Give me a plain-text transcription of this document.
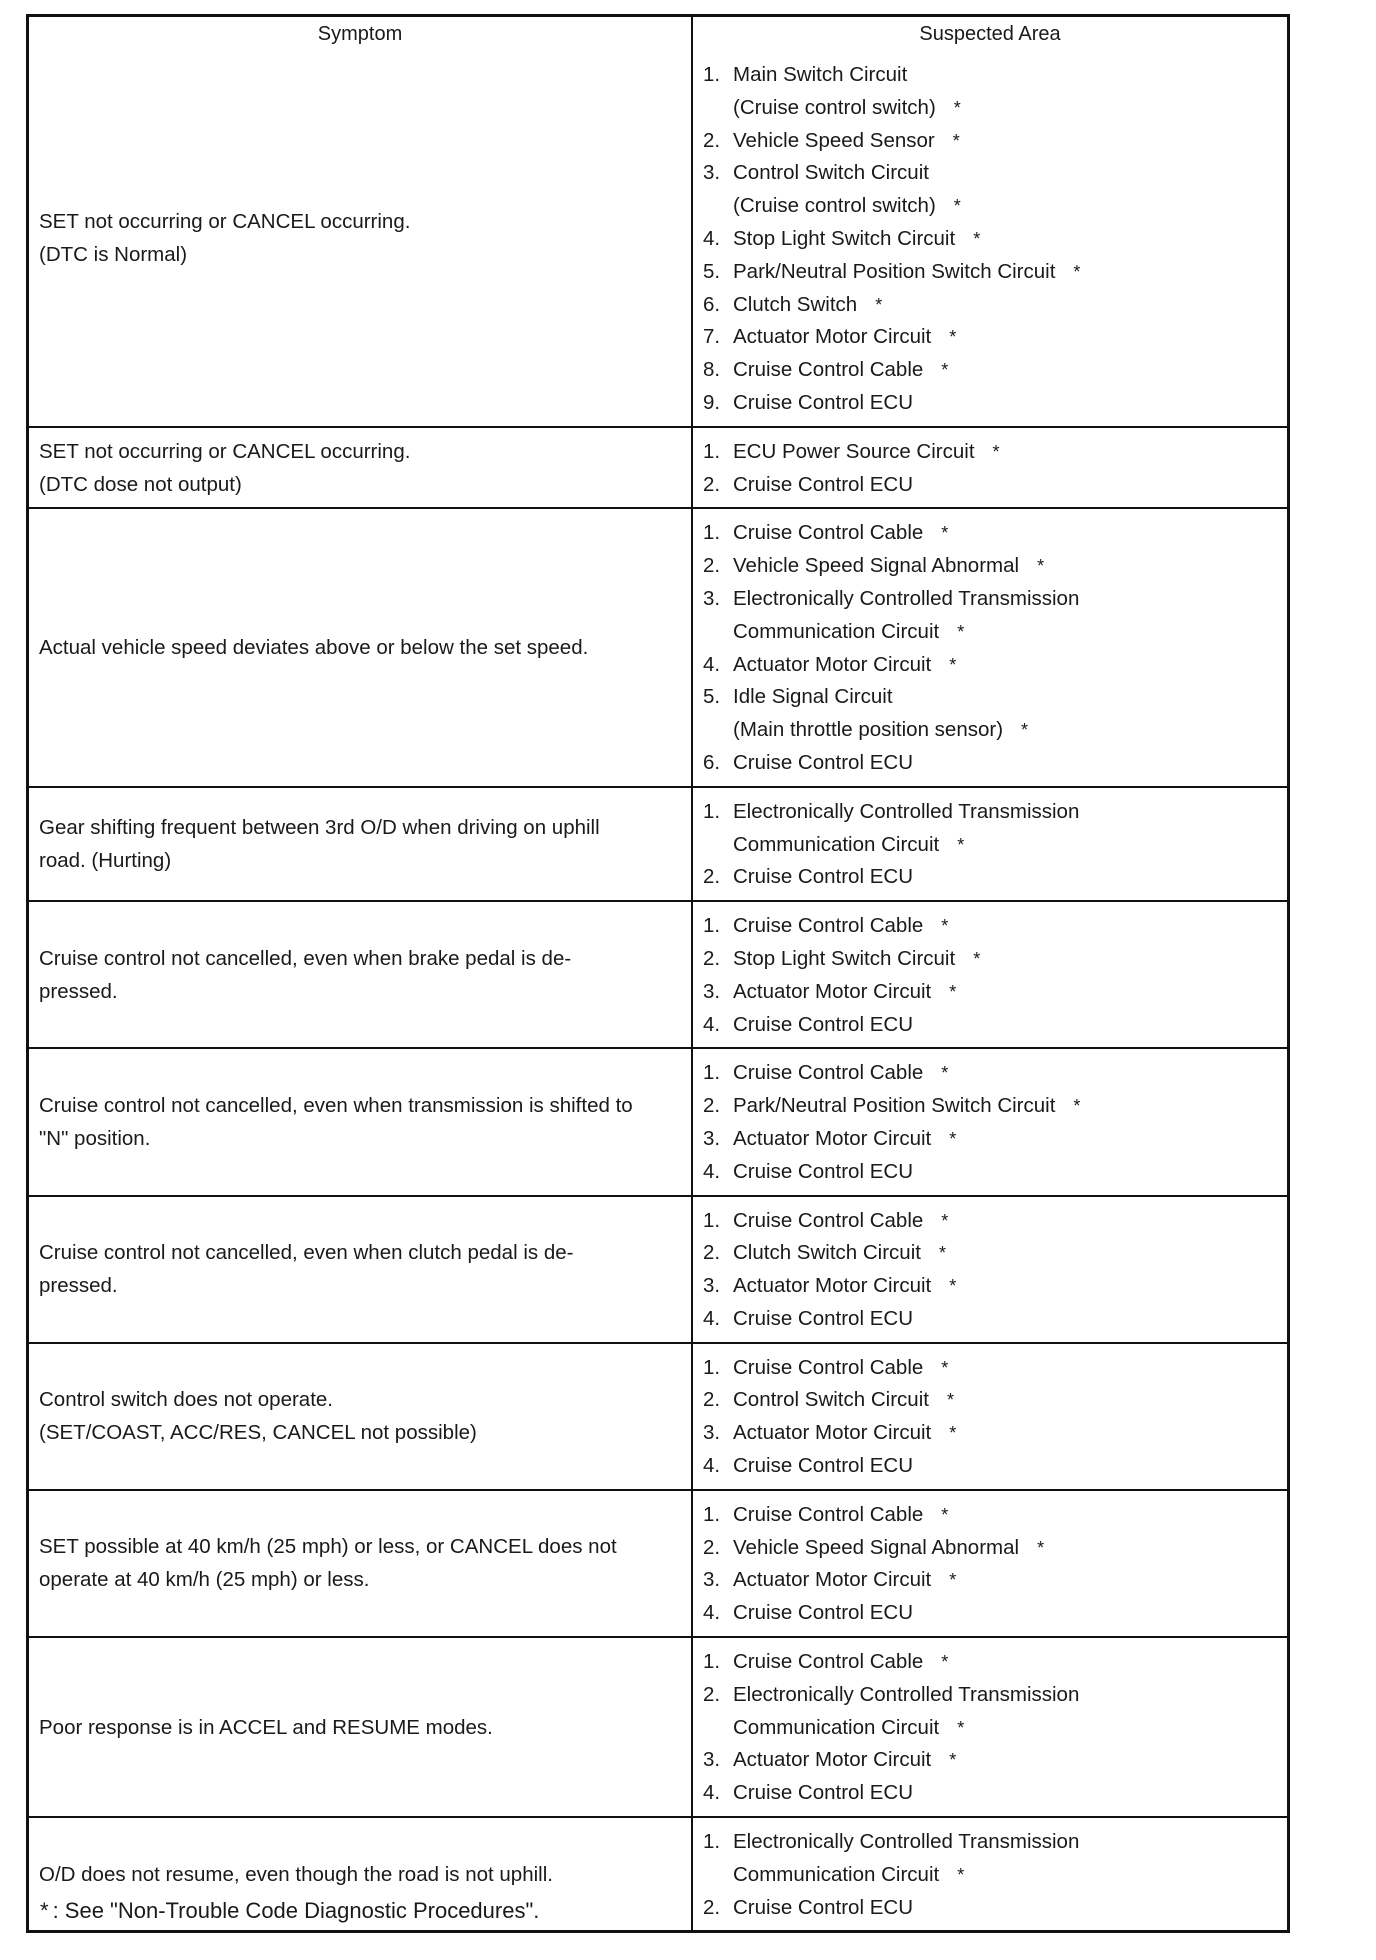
Symptom	Suspected Area
SET not occurring or CANCEL occurring.
(DTC is Normal)
1. Main Switch Circuit
(Cruise control switch) *
2. Vehicle Speed Sensor *
3. Control Switch Circuit
(Cruise control switch) *
4. Stop Light Switch Circuit *
5. Park/Neutral Position Switch Circuit *
6. Clutch Switch *
7. Actuator Motor Circuit *
8. Cruise Control Cable *
9. Cruise Control ECU
SET not occurring or CANCEL occurring.
(DTC dose not output)
1. ECU Power Source Circuit *
2. Cruise Control ECU
Actual vehicle speed deviates above or below the set speed.
1. Cruise Control Cable *
2. Vehicle Speed Signal Abnormal *
3. Electronically Controlled Transmission
Communication Circuit *
4. Actuator Motor Circuit *
5. Idle Signal Circuit
(Main throttle position sensor) *
6. Cruise Control ECU
Gear shifting frequent between 3rd O/D when driving on uphill
road. (Hurting)
1. Electronically Controlled Transmission
Communication Circuit *
2. Cruise Control ECU
Cruise control not cancelled, even when brake pedal is de-
pressed.
1. Cruise Control Cable *
2. Stop Light Switch Circuit *
3. Actuator Motor Circuit *
4. Cruise Control ECU
Cruise control not cancelled, even when transmission is shifted to
"N" position.
1. Cruise Control Cable *
2. Park/Neutral Position Switch Circuit *
3. Actuator Motor Circuit *
4. Cruise Control ECU
Cruise control not cancelled, even when clutch pedal is de-
pressed.
1. Cruise Control Cable *
2. Clutch Switch Circuit *
3. Actuator Motor Circuit *
4. Cruise Control ECU
Control switch does not operate.
(SET/COAST, ACC/RES, CANCEL not possible)
1. Cruise Control Cable *
2. Control Switch Circuit *
3. Actuator Motor Circuit *
4. Cruise Control ECU
SET possible at 40 km/h (25 mph) or less, or CANCEL does not
operate at 40 km/h (25 mph) or less.
1. Cruise Control Cable *
2. Vehicle Speed Signal Abnormal *
3. Actuator Motor Circuit *
4. Cruise Control ECU
Poor response is in ACCEL and RESUME modes.
1. Cruise Control Cable *
2. Electronically Controlled Transmission
Communication Circuit *
3. Actuator Motor Circuit *
4. Cruise Control ECU
O/D does not resume, even though the road is not uphill.
1. Electronically Controlled Transmission
Communication Circuit *
2. Cruise Control ECU
* : See "Non-Trouble Code Diagnostic Procedures".
